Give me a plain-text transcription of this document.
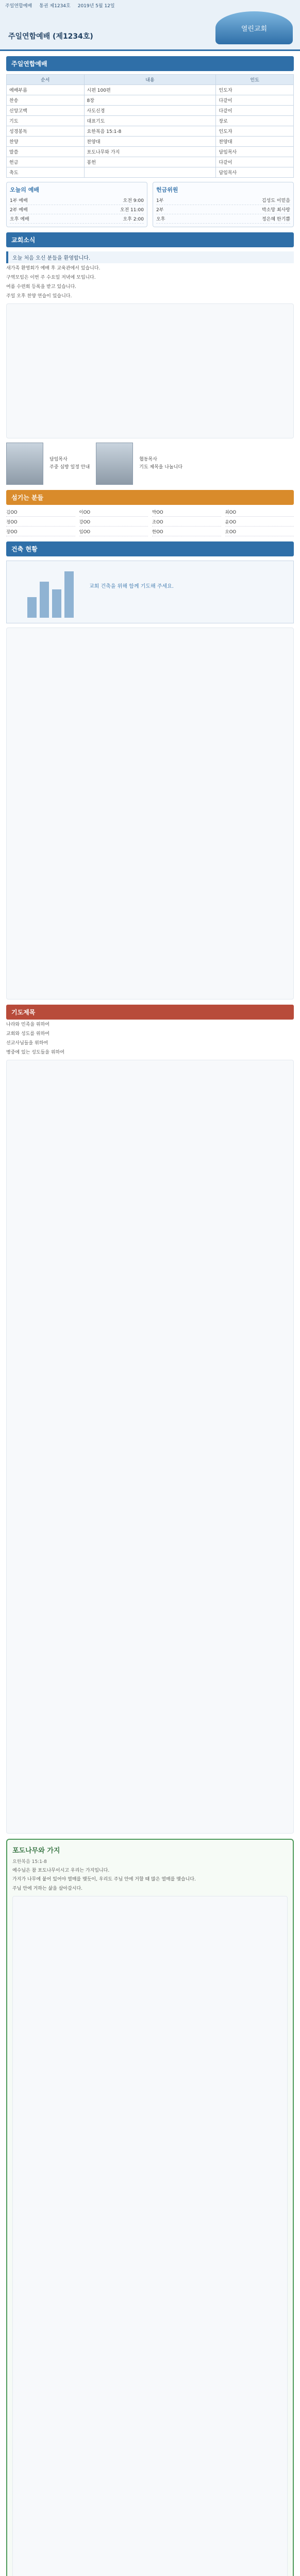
주일연합예배 통권 제1234호 2019년 5월 12일
열린교회
주일연합예배 (제1234호)
주일연합예배
순서	내용	인도
예배부름	시편 100편	인도자
찬송	8장	다같이
신앙고백	사도신경	다같이
기도	대표기도	장로
성경봉독	요한복음 15:1-8	인도자
찬양	찬양대	찬양대
말씀	포도나무와 가지	담임목사
헌금	봉헌	다같이
축도		담임목사
오늘의 예배
1부 예배	오전 9:00
2부 예배	오전 11:00
오후 예배	오후 2:00
헌금위원
1부	김성도 이믿음
2부	박소망 최사랑
오후	정은혜 한기쁨
교회소식
오늘 처음 오신 분들을 환영합니다.

새가족 환영회가 예배 후 교육관에서 있습니다.

구역모임은 이번 주 수요일 저녁에 모입니다.

여름 수련회 등록을 받고 있습니다.

주일 오후 찬양 연습이 있습니다.

담임목사
주중 심방 일정 안내
협동목사
기도 제목을 나눕니다
섬기는 분들
김OO	이OO	박OO	최OO
정OO	강OO	조OO	윤OO
장OO	임OO	한OO	오OO
건축 현황
교회 건축을 위해 함께 기도해 주세요.
기도제목

나라와 민족을 위하여

교회와 성도를 위하여

선교사님들을 위하여

병중에 있는 성도들을 위하여

포도나무와 가지
요한복음 15:1-8

예수님은 참 포도나무이시고 우리는 가지입니다.

가지가 나무에 붙어 있어야 열매를 맺듯이, 우리도 주님 안에 거할 때 많은 열매를 맺습니다.

주님 안에 거하는 삶을 살아갑시다.
